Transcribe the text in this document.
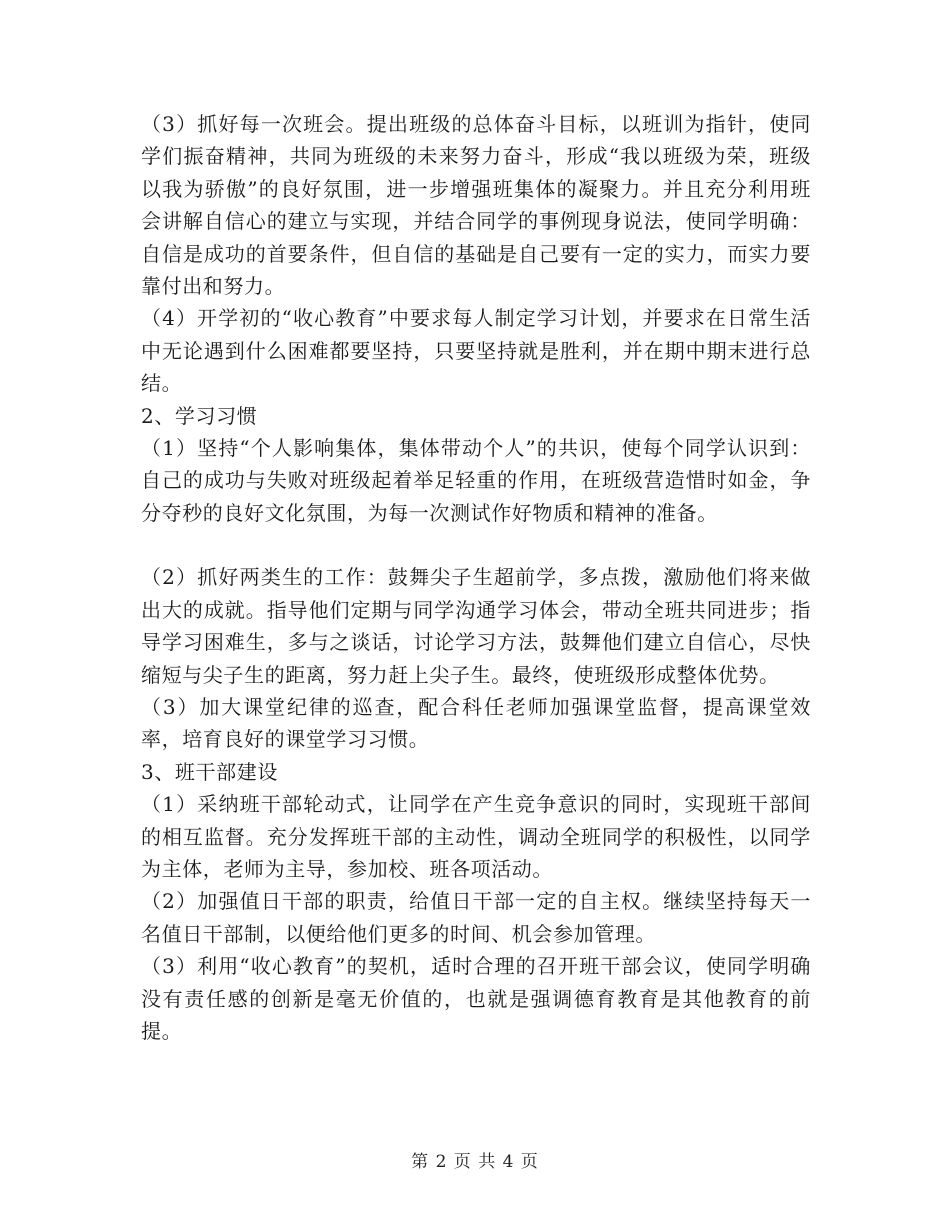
（3）抓好每一次班会。提出班级的总体奋斗目标，以班训为指针，使同学们振奋精神，共同为班级的未来努力奋斗，形成“我以班级为荣，班级以我为骄傲”的良好氛围，进一步增强班集体的凝聚力。并且充分利用班会讲解自信心的建立与实现，并结合同学的事例现身说法，使同学明确：自信是成功的首要条件，但自信的基础是自己要有一定的实力，而实力要靠付出和努力。

（4）开学初的“收心教育”中要求每人制定学习计划，并要求在日常生活中无论遇到什么困难都要坚持，只要坚持就是胜利，并在期中期末进行总结。

2、学习习惯

（1）坚持“个人影响集体，集体带动个人”的共识，使每个同学认识到：自己的成功与失败对班级起着举足轻重的作用，在班级营造惜时如金，争分夺秒的良好文化氛围，为每一次测试作好物质和精神的准备。

（2）抓好两类生的工作：鼓舞尖子生超前学，多点拨，激励他们将来做出大的成就。指导他们定期与同学沟通学习体会，带动全班共同进步；指导学习困难生，多与之谈话，讨论学习方法，鼓舞他们建立自信心，尽快缩短与尖子生的距离，努力赶上尖子生。最终，使班级形成整体优势。

（3）加大课堂纪律的巡查，配合科任老师加强课堂监督，提高课堂效率，培育良好的课堂学习习惯。

3、班干部建设

（1）采纳班干部轮动式，让同学在产生竞争意识的同时，实现班干部间的相互监督。充分发挥班干部的主动性，调动全班同学的积极性，以同学为主体，老师为主导，参加校、班各项活动。

（2）加强值日干部的职责，给值日干部一定的自主权。继续坚持每天一名值日干部制，以便给他们更多的时间、机会参加管理。

（3）利用“收心教育”的契机，适时合理的召开班干部会议，使同学明确没有责任感的创新是毫无价值的，也就是强调德育教育是其他教育的前提。

第 2 页 共 4 页
